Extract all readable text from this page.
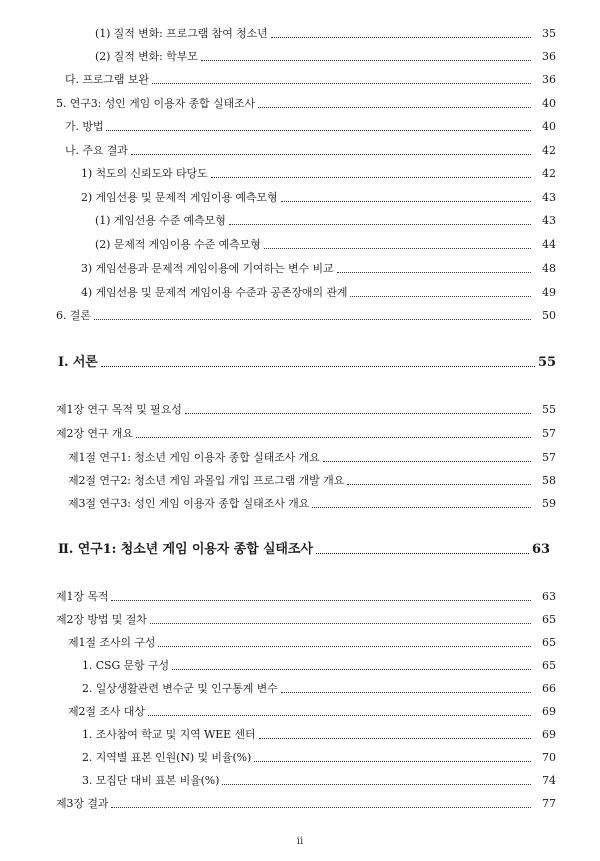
(1) 질적 변화: 프로그램 참여 청소년	35
(2) 질적 변화: 학부모	36
다. 프로그램 보완	36
5. 연구3: 성인 게임 이용자 종합 실태조사	40
가. 방법	40
나. 주요 결과	42
1) 척도의 신뢰도와 타당도	42
2) 게임선용 및 문제적 게임이용 예측모형	43
(1) 게임선용 수준 예측모형	43
(2) 문제적 게임이용 수준 예측모형	44
3) 게임선용과 문제적 게임이용에 기여하는 변수 비교	48
4) 게임선용 및 문제적 게임이용 수준과 공존장애의 관계	49
6. 결론	50
Ⅰ. 서론	55
제1장 연구 목적 및 필요성	55
제2장 연구 개요	57
제1절 연구1: 청소년 게임 이용자 종합 실태조사 개요	57
제2절 연구2: 청소년 게임 과몰입 개입 프로그램 개발 개요	58
제3절 연구3: 성인 게임 이용자 종합 실태조사 개요	59
Ⅱ. 연구1: 청소년 게임 이용자 종합 실태조사	63
제1장 목적	63
제2장 방법 및 절차	65
제1절 조사의 구성	65
1. CSG 문항 구성	65
2. 일상생활관련 변수군 및 인구통계 변수	66
제2절 조사 대상	69
1. 조사참여 학교 및 지역 WEE 센터	69
2. 지역별 표본 인원(N) 및 비율(%)	70
3. 모집단 대비 표본 비율(%)	74
제3장 결과	77
ii
